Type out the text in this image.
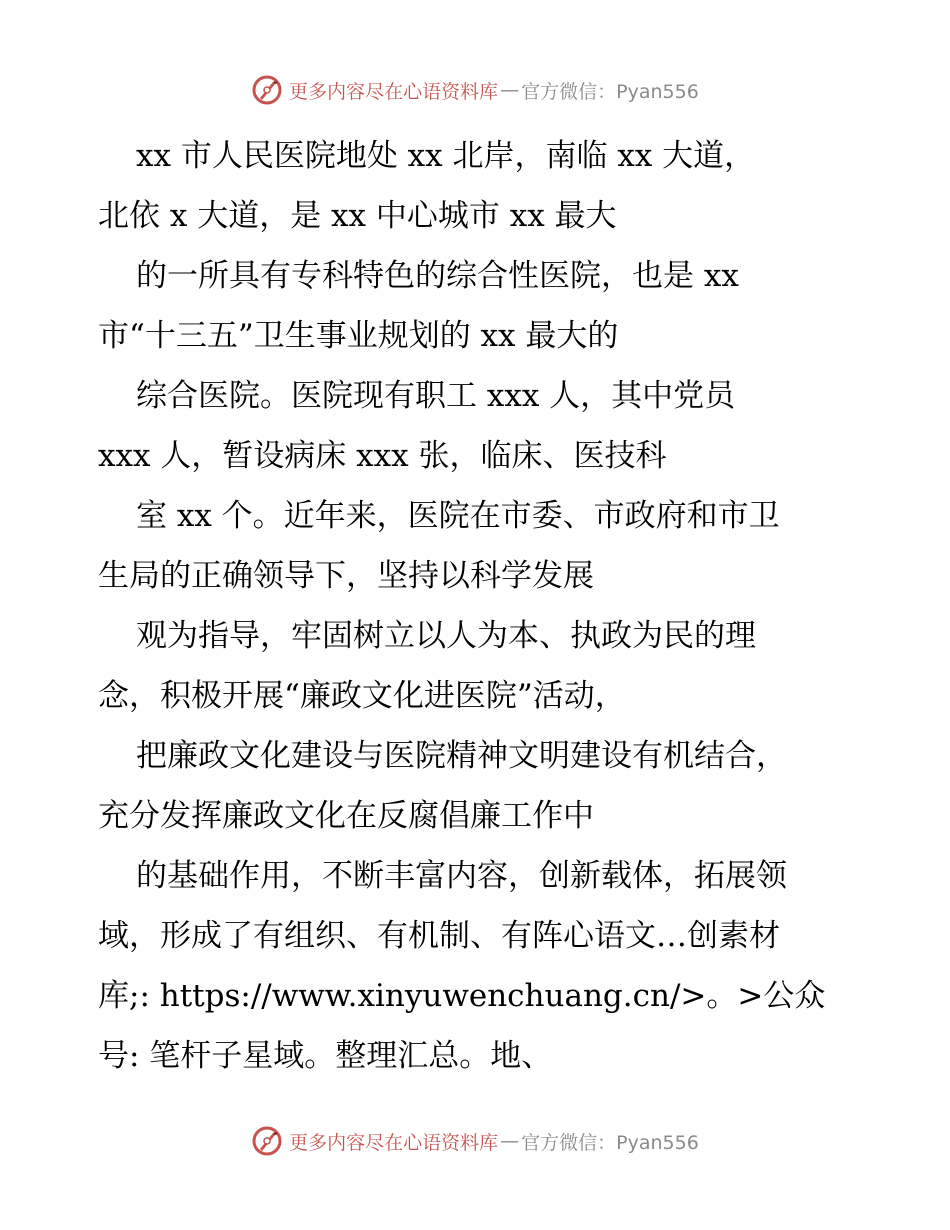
更多内容尽在心语资料库 — 官方微信：Pyan556
xx 市人民医院地处 xx 北岸，南临 xx 大道，
北依 x 大道，是 xx 中心城市 xx 最大
的一所具有专科特色的综合性医院，也是 xx
市“十三五”卫生事业规划的 xx 最大的
综合医院。医院现有职工 xxx 人，其中党员
xxx 人，暂设病床 xxx 张，临床、医技科
室 xx 个。近年来，医院在市委、市政府和市卫
生局的正确领导下，坚持以科学发展
观为指导，牢固树立以人为本、执政为民的理
念，积极开展“廉政文化进医院”活动，
把廉政文化建设与医院精神文明建设有机结合，
充分发挥廉政文化在反腐倡廉工作中
的基础作用，不断丰富内容，创新载体，拓展领
域，形成了有组织、有机制、有阵心语文…创素材
库;: https://www.xinyuwenchuang.cn/>。>公众
号: 笔杆子星域。整理汇总。地、
更多内容尽在心语资料库 — 官方微信：Pyan556
